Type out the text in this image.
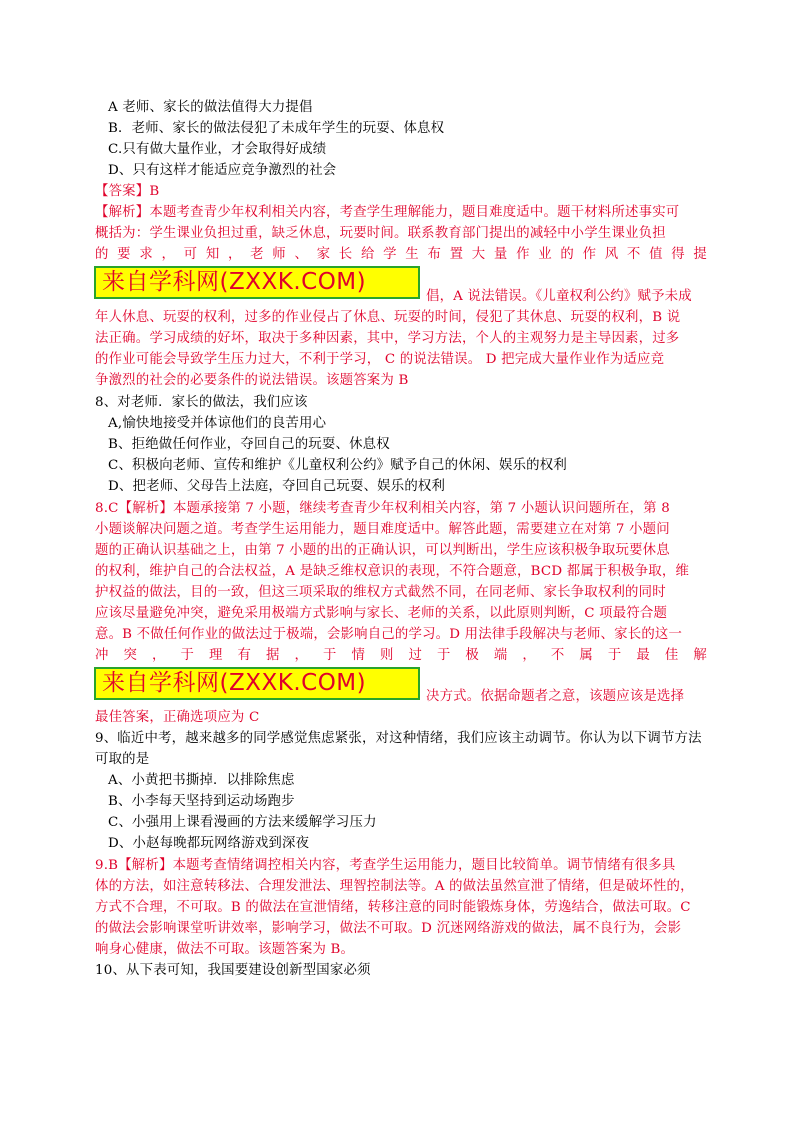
A 老师、家长的做法值得大力提倡
B．老师、家长的做法侵犯了未成年学生的玩耍、体息权
C.只有做大量作业，才会取得好成绩
D、只有这样才能适应竞争激烈的社会
【答案】B
【解析】本题考查青少年权利相关内容，考查学生理解能力，题目难度适中。题干材料所述事实可
概括为：学生课业负担过重，缺乏休息，玩要时间。联系教育部门提出的减轻中小学生课业负担
的 要 求 ， 可 知 ， 老 师 、 家 长 给 学 生 布 置 大 量 作 业 的 作 风 不 值 得 提
来自学科网(ZXXK.COM)
倡，A 说法错误。《儿童权利公约》赋予未成
年人休息、玩耍的权利，过多的作业侵占了休息、玩耍的时间，侵犯了其休息、玩耍的权利，B 说
法正确。学习成绩的好坏，取决于多种因素，其中，学习方法，个人的主观努力是主导因素，过多
的作业可能会导致学生压力过大，不利于学习， C 的说法错误。 D 把完成大量作业作为适应竞
争激烈的社会的必要条件的说法错误。该题答案为 B
8、对老师．家长的做法，我们应该
A,愉快地接受并体谅他们的良苦用心
B、拒绝做任何作业，夺回自己的玩耍、休息权
C、积极向老师、宣传和维护《儿童权利公约》赋予自己的休闲、娱乐的权利
D、把老师、父母告上法庭，夺回自己玩耍、娱乐的权利
8.C【解析】本题承接第 7 小题，继续考查青少年权利相关内容，第 7 小题认识问题所在，第 8
小题谈解决问题之道。考查学生运用能力，题目难度适中。解答此题，需要建立在对第 7 小题问
题的正确认识基础之上，由第 7 小题的出的正确认识，可以判断出，学生应该积极争取玩要休息
的权利，维护自己的合法权益，A 是缺乏维权意识的表现，不符合题意，BCD 都属于积极争取，维
护权益的做法，目的一致，但这三项采取的维权方式截然不同，在同老师、家长争取权利的同时
应该尽量避免冲突，避免采用极端方式影响与家长、老师的关系，以此原则判断，C 项最符合题
意。B 不做任何作业的做法过于极端，会影响自己的学习。D 用法律手段解决与老师、家长的这一
冲 突 ， 于 理 有 据 ， 于 情 则 过 于 极 端 ， 不 属 于 最 佳 解
来自学科网(ZXXK.COM)
决方式。依据命题者之意，该题应该是选择
最佳答案，正确选项应为 C
9、临近中考，越来越多的同学感觉焦虑紧张，对这种情绪，我们应该主动调节。你认为以下调节方法
可取的是
A、小黄把书撕掉．以排除焦虑
B、小李每天坚持到运动场跑步
C、小强用上课看漫画的方法来缓解学习压力
D、小赵每晚都玩网络游戏到深夜
9.B【解析】本题考查情绪调控相关内容，考查学生运用能力，题目比较简单。调节情绪有很多具
体的方法，如注意转移法、合理发泄法、理智控制法等。A 的做法虽然宣泄了情绪，但是破坏性的，
方式不合理，不可取。B 的做法在宣泄情绪，转移注意的同时能锻炼身体，劳逸结合，做法可取。C
的做法会影响课堂听讲效率，影响学习，做法不可取。D 沉迷网络游戏的做法，属不良行为，会影
响身心健康，做法不可取。该题答案为 B。
10、从下表可知，我国要建设创新型国家必须
